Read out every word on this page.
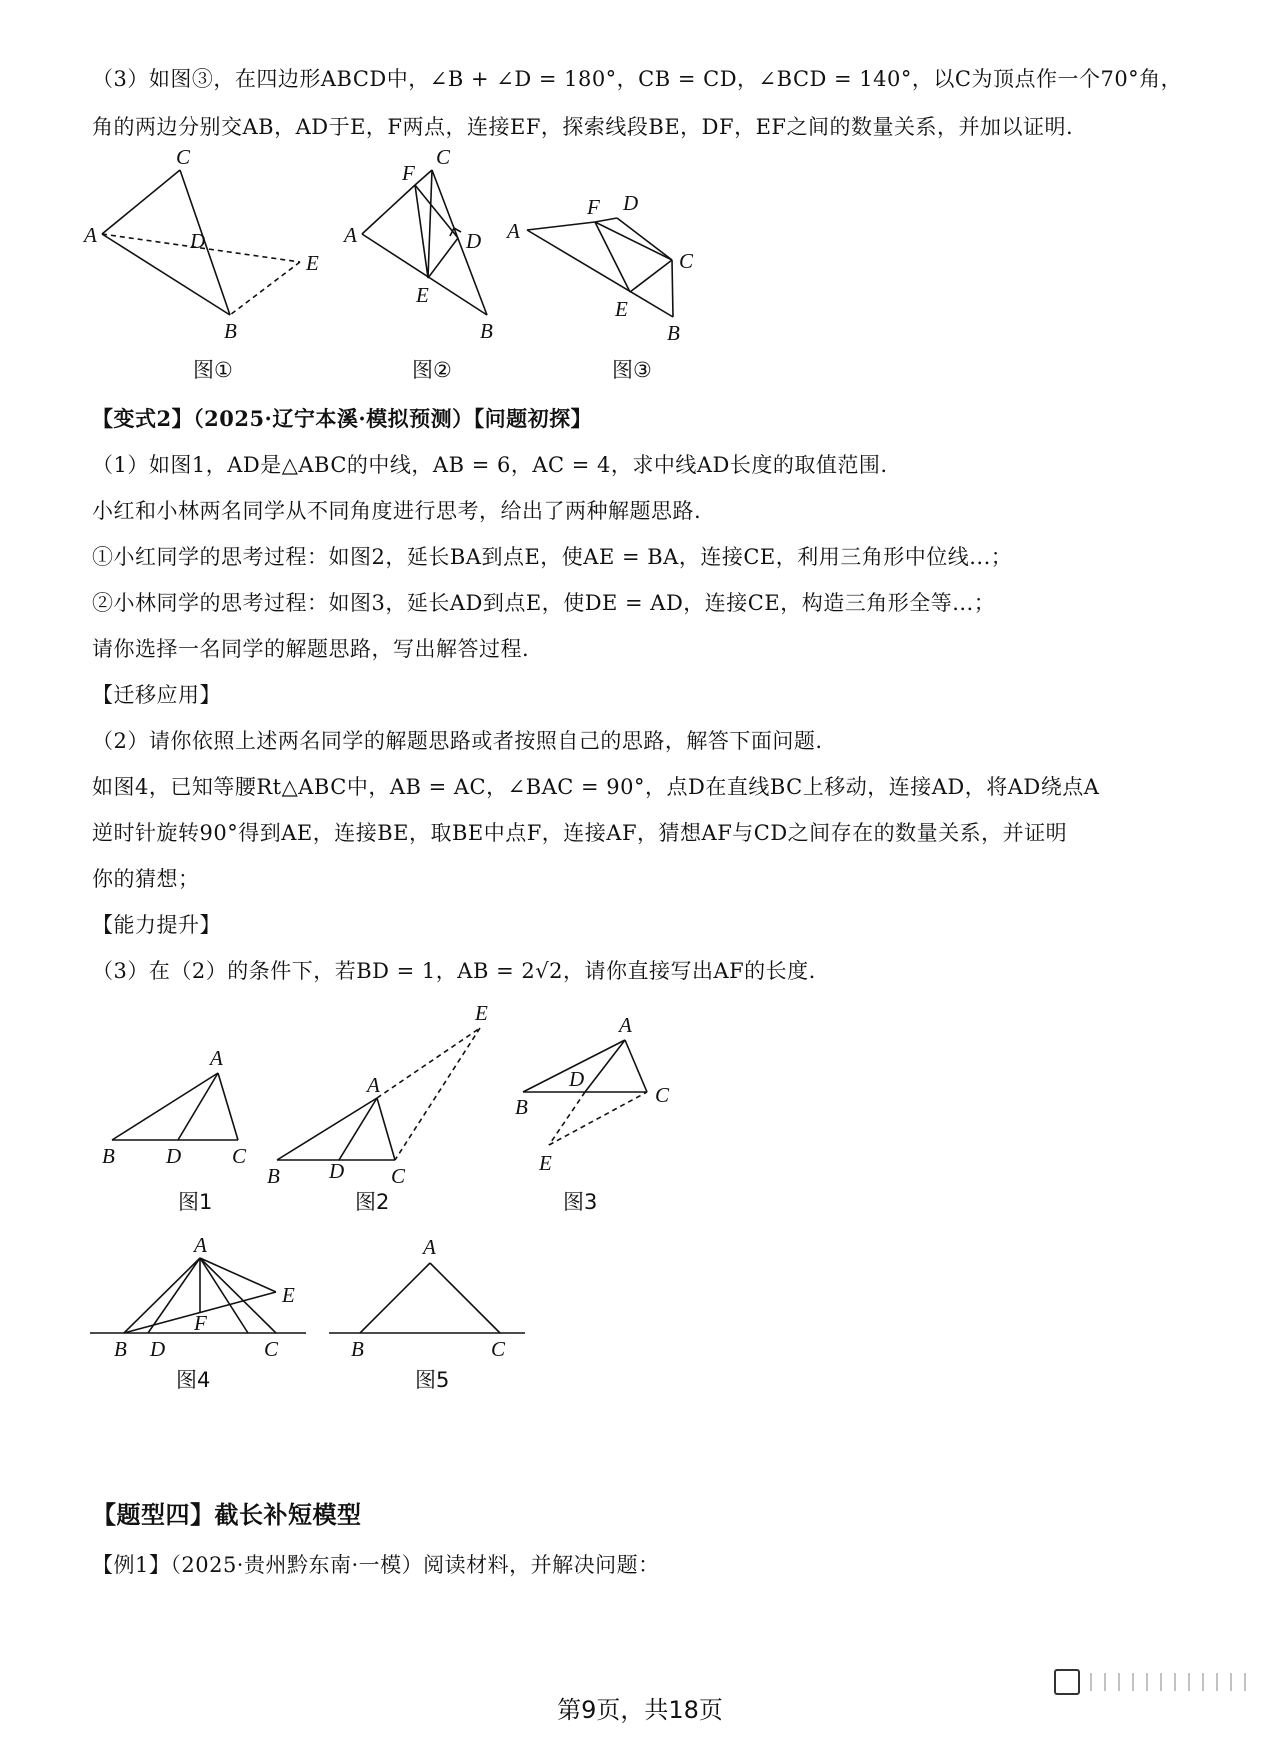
（3）如图③，在四边形ABCD中，∠B + ∠D = 180°，CB = CD，∠BCD = 140°，以C为顶点作一个70°角，
角的两边分别交AB，AD于E，F两点，连接EF，探索线段BE，DF，EF之间的数量关系，并加以证明.
A
C
D
E
B
图①
A
F
C
D
E
B
图②
A
F D
C
E
B
图③
【变式2】（2025·辽宁本溪·模拟预测）【问题初探】
（1）如图1，AD是△ABC的中线，AB = 6，AC = 4，求中线AD长度的取值范围.
小红和小林两名同学从不同角度进行思考，给出了两种解题思路.
①小红同学的思考过程：如图2，延长BA到点E，使AE = BA，连接CE，利用三角形中位线...；
②小林同学的思考过程：如图3，延长AD到点E，使DE = AD，连接CE，构造三角形全等...；
请你选择一名同学的解题思路，写出解答过程.
【迁移应用】
（2）请你依照上述两名同学的解题思路或者按照自己的思路，解答下面问题.
如图4，已知等腰Rt△ABC中，AB = AC，∠BAC = 90°，点D在直线BC上移动，连接AD，将AD绕点A
逆时针旋转90°得到AE，连接BE，取BE中点F，连接AF，猜想AF与CD之间存在的数量关系，并证明
你的猜想；
【能力提升】
（3）在（2）的条件下，若BD = 1，AB = 2√2，请你直接写出AF的长度.
A
B D C
图1
A
E
B D C
图2
A
D
B	C
E
图3
A
E
F
B D	C
图4
A
B	C
图5
【题型四】截长补短模型
【例1】（2025·贵州黔东南·一模）阅读材料，并解决问题：
第9页，共18页
